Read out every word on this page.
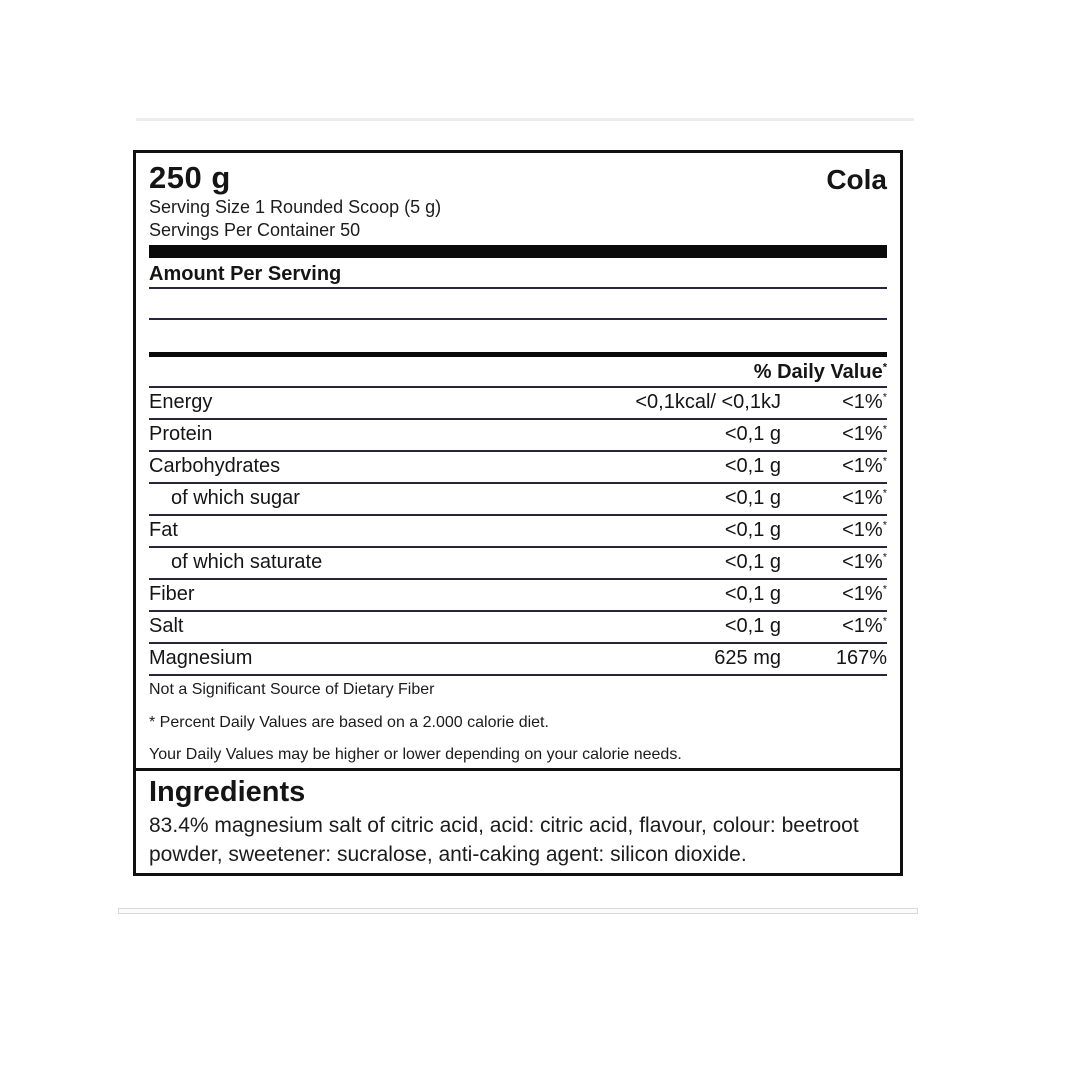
250 g	Cola
Serving Size 1 Rounded Scoop (5 g)
Servings Per Container 50
Amount Per Serving
% Daily Value*
Energy	<0,1kcal/ <0,1kJ	<1%*
Protein	<0,1 g	<1%*
Carbohydrates	<0,1 g	<1%*
of which sugar	<0,1 g	<1%*
Fat	<0,1 g	<1%*
of which saturate	<0,1 g	<1%*
Fiber	<0,1 g	<1%*
Salt	<0,1 g	<1%*
Magnesium	625 mg	167%
Not a Significant Source of Dietary Fiber
* Percent Daily Values are based on a 2.000 calorie diet.
Your Daily Values may be higher or lower depending on your calorie needs.
Ingredients
83.4% magnesium salt of citric acid, acid: citric acid, flavour, colour: beetroot powder, sweetener: sucralose, anti-caking agent: silicon dioxide.
